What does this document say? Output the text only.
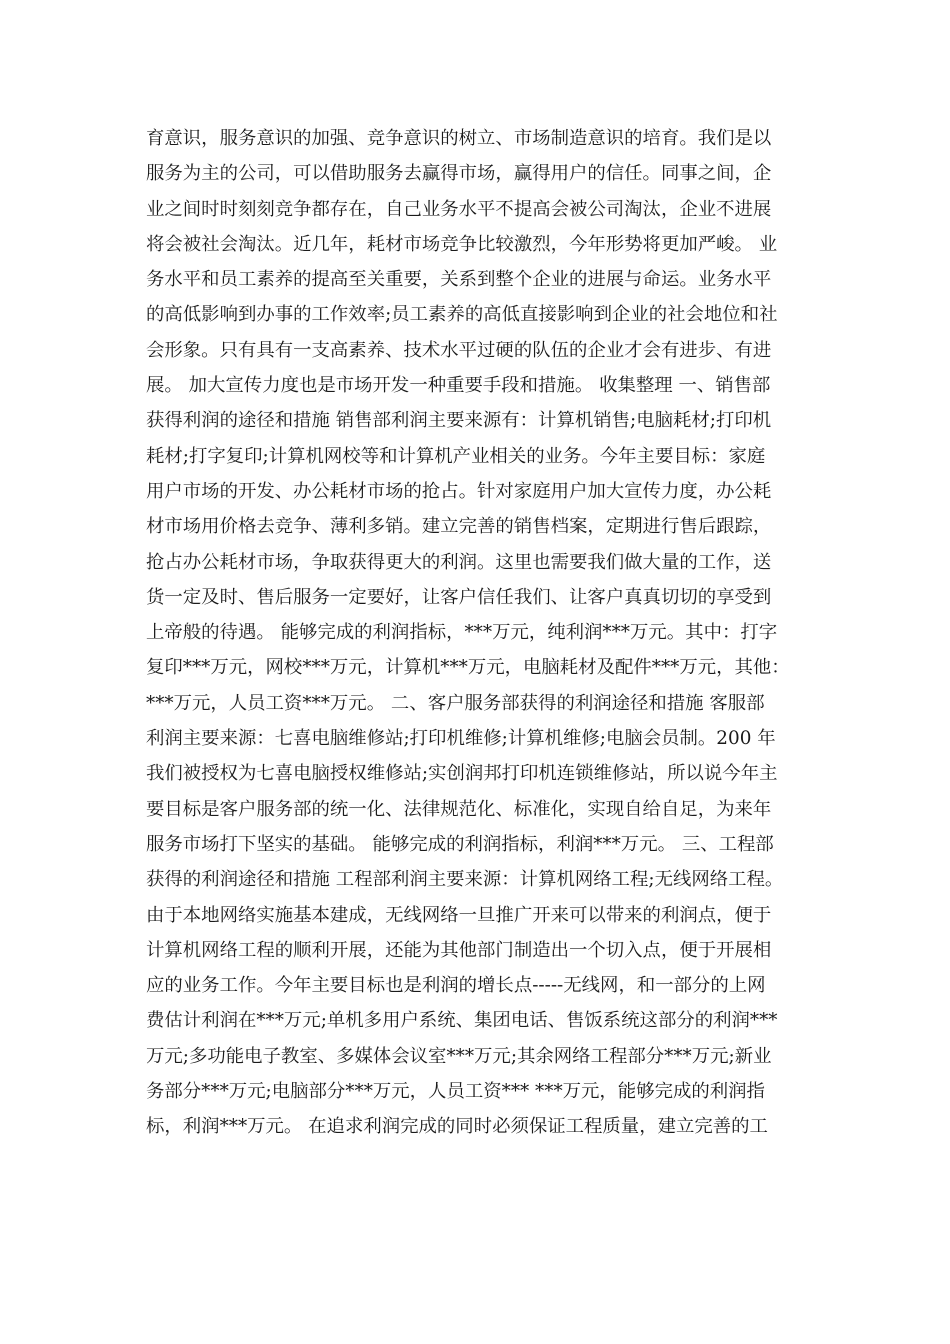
育意识，服务意识的加强、竞争意识的树立、市场制造意识的培育。我们是以
服务为主的公司，可以借助服务去赢得市场，赢得用户的信任。同事之间，企
业之间时时刻刻竞争都存在，自己业务水平不提高会被公司淘汰，企业不进展
将会被社会淘汰。近几年，耗材市场竞争比较激烈，今年形势将更加严峻。 业
务水平和员工素养的提高至关重要，关系到整个企业的进展与命运。业务水平
的高低影响到办事的工作效率;员工素养的高低直接影响到企业的社会地位和社
会形象。只有具有一支高素养、技术水平过硬的队伍的企业才会有进步、有进
展。 加大宣传力度也是市场开发一种重要手段和措施。 收集整理 一、销售部
获得利润的途径和措施 销售部利润主要来源有：计算机销售;电脑耗材;打印机
耗材;打字复印;计算机网校等和计算机产业相关的业务。今年主要目标：家庭
用户市场的开发、办公耗材市场的抢占。针对家庭用户加大宣传力度，办公耗
材市场用价格去竞争、薄利多销。建立完善的销售档案，定期进行售后跟踪，
抢占办公耗材市场，争取获得更大的利润。这里也需要我们做大量的工作，送
货一定及时、售后服务一定要好，让客户信任我们、让客户真真切切的享受到
上帝般的待遇。 能够完成的利润指标，***万元，纯利润***万元。其中：打字
复印***万元，网校***万元，计算机***万元，电脑耗材及配件***万元，其他：
***万元，人员工资***万元。 二、客户服务部获得的利润途径和措施 客服部
利润主要来源：七喜电脑维修站;打印机维修;计算机维修;电脑会员制。200 年
我们被授权为七喜电脑授权维修站;实创润邦打印机连锁维修站，所以说今年主
要目标是客户服务部的统一化、法律规范化、标准化，实现自给自足，为来年
服务市场打下坚实的基础。 能够完成的利润指标，利润***万元。 三、工程部
获得的利润途径和措施 工程部利润主要来源：计算机网络工程;无线网络工程。
由于本地网络实施基本建成，无线网络一旦推广开来可以带来的利润点，便于
计算机网络工程的顺利开展，还能为其他部门制造出一个切入点，便于开展相
应的业务工作。今年主要目标也是利润的增长点-----无线网，和一部分的上网
费估计利润在***万元;单机多用户系统、集团电话、售饭系统这部分的利润***
万元;多功能电子教室、多媒体会议室***万元;其余网络工程部分***万元;新业
务部分***万元;电脑部分***万元，人员工资*** ***万元，能够完成的利润指
标，利润***万元。 在追求利润完成的同时必须保证工程质量，建立完善的工
